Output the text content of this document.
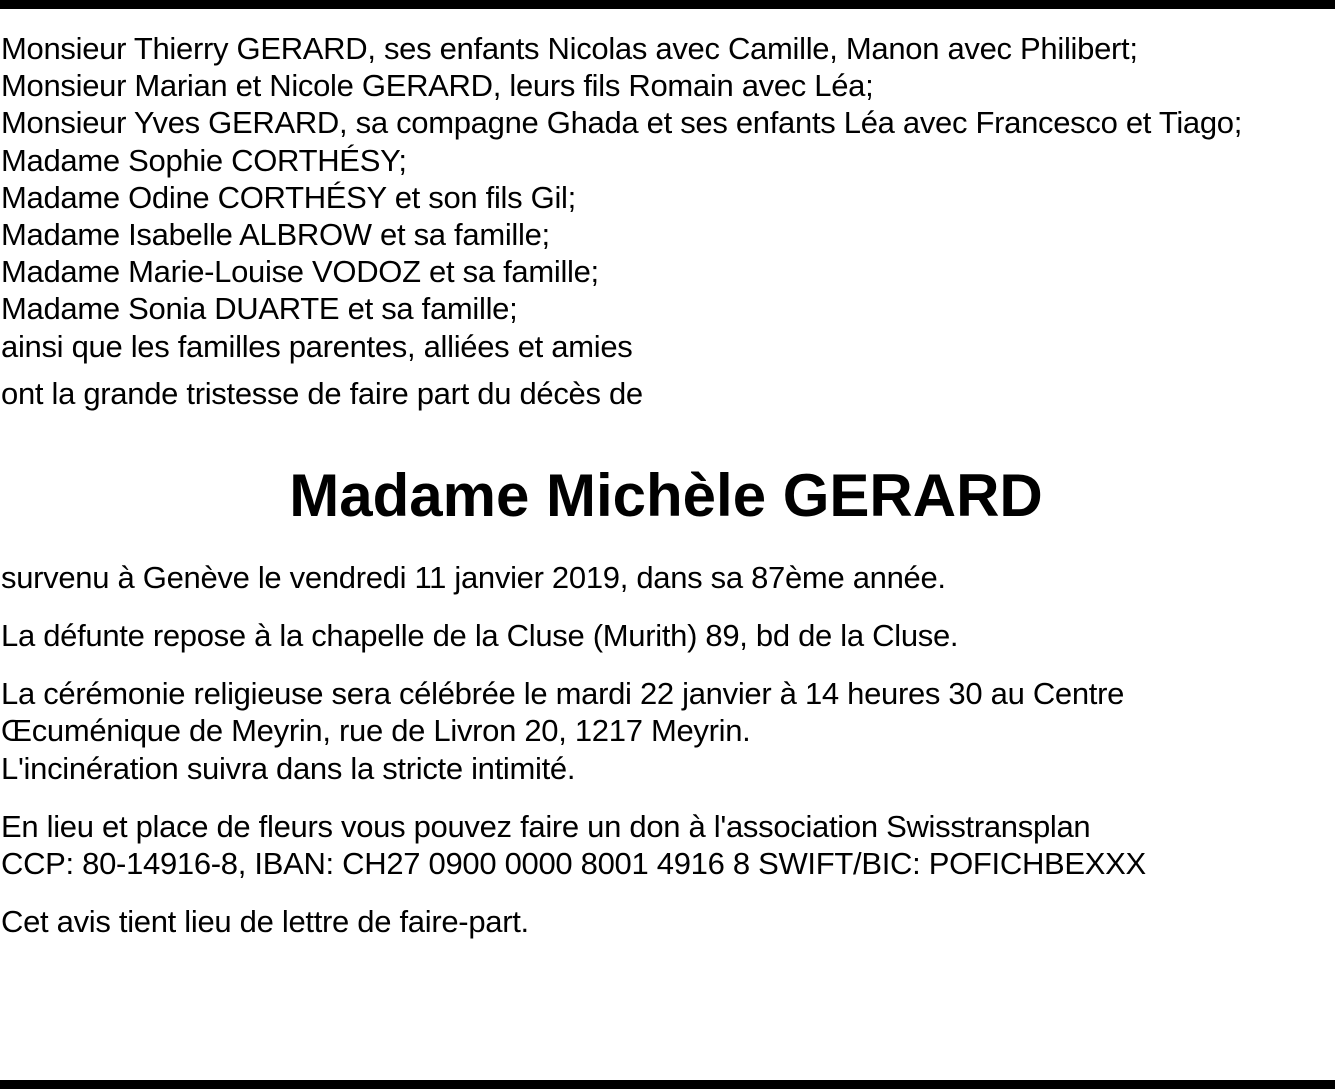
Monsieur Thierry GERARD, ses enfants Nicolas avec Camille, Manon avec Philibert;
Monsieur Marian et Nicole GERARD, leurs fils Romain avec Léa;
Monsieur Yves GERARD, sa compagne Ghada et ses enfants Léa avec Francesco et Tiago;
Madame Sophie CORTHÉSY;
Madame Odine CORTHÉSY et son fils Gil;
Madame Isabelle ALBROW et sa famille;
Madame Marie-Louise VODOZ et sa famille;
Madame Sonia DUARTE et sa famille;
ainsi que les familles parentes, alliées et amies
ont la grande tristesse de faire part du décès de
Madame Michèle GERARD
survenu à Genève le vendredi 11 janvier 2019, dans sa 87ème année.
La défunte repose à la chapelle de la Cluse (Murith) 89, bd de la Cluse.
La cérémonie religieuse sera célébrée le mardi 22 janvier à 14 heures 30 au Centre
Œcuménique de Meyrin, rue de Livron 20, 1217 Meyrin.
L'incinération suivra dans la stricte intimité.
En lieu et place de fleurs vous pouvez faire un don à l'association Swisstransplan
CCP: 80-14916-8, IBAN: CH27 0900 0000 8001 4916 8 SWIFT/BIC: POFICHBEXXX
Cet avis tient lieu de lettre de faire-part.
